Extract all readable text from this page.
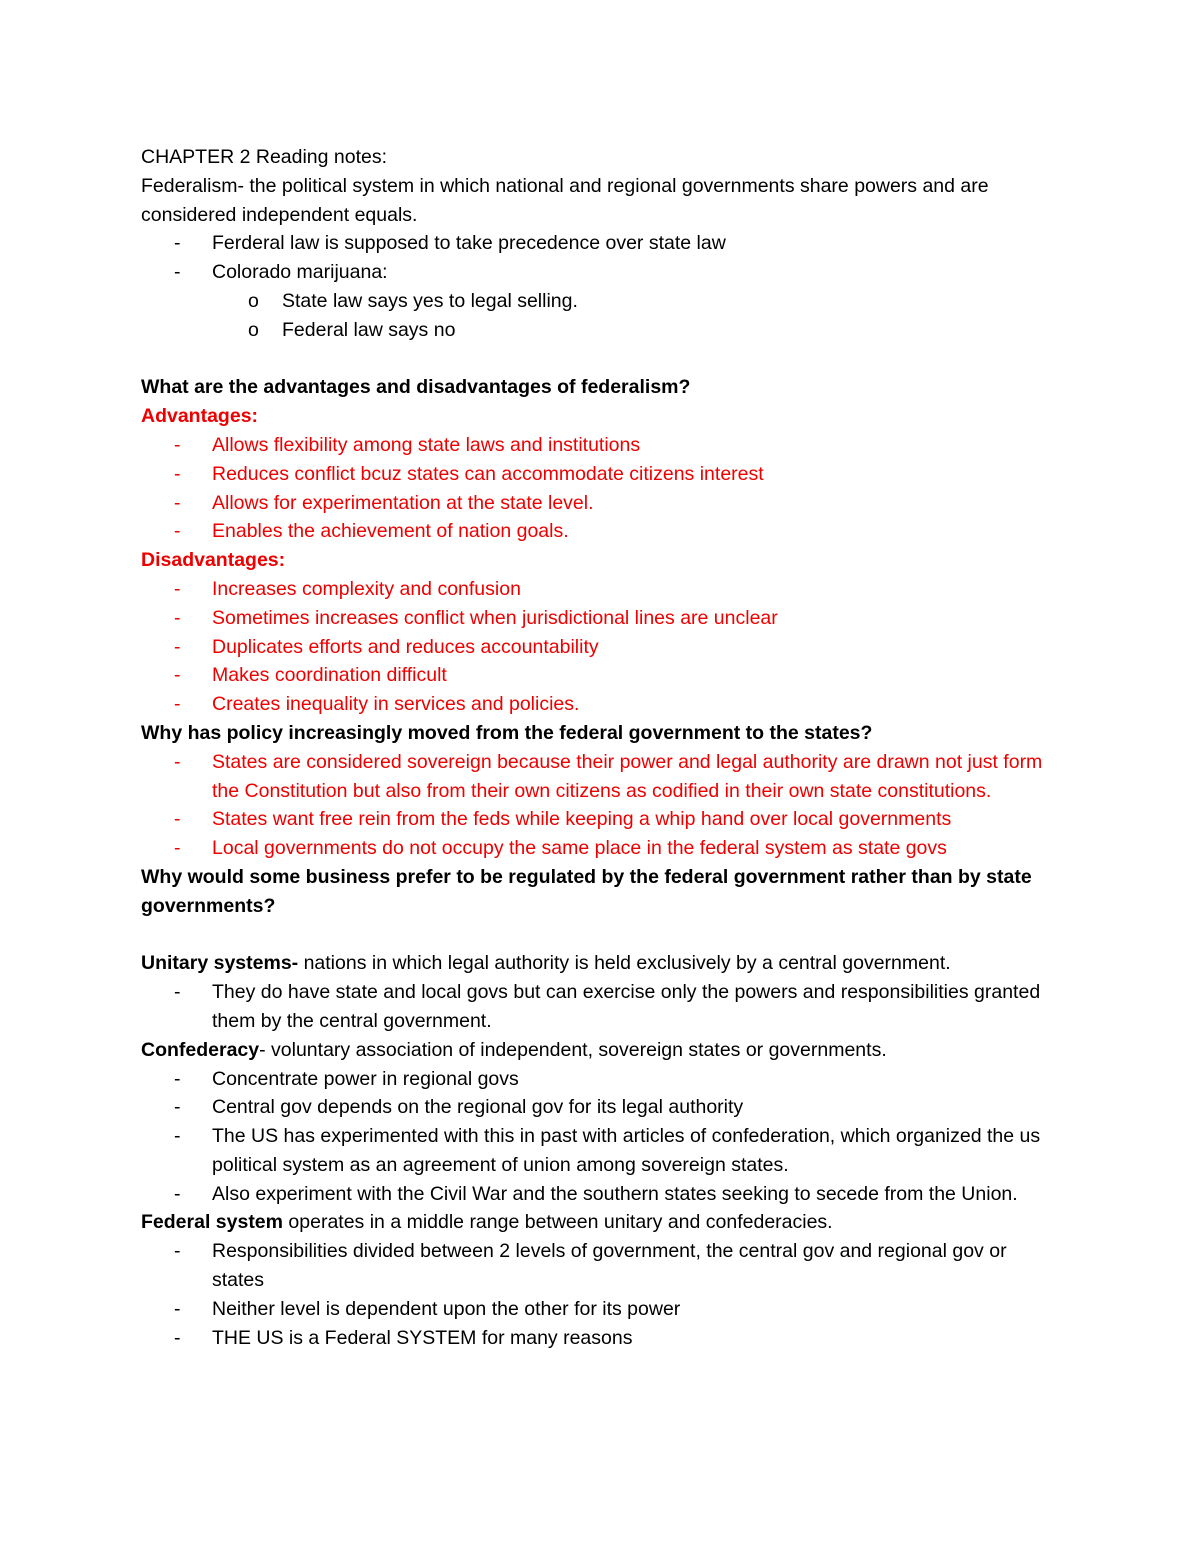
CHAPTER 2 Reading notes:

Federalism- the political system in which national and regional governments share powers and are considered independent equals.

- Ferderal law is supposed to take precedence over state law

- Colorado marijuana:

o State law says yes to legal selling.

o Federal law says no

What are the advantages and disadvantages of federalism?

Advantages:

- Allows flexibility among state laws and institutions

- Reduces conflict bcuz states can accommodate citizens interest

- Allows for experimentation at the state level.

- Enables the achievement of nation goals.

Disadvantages:

- Increases complexity and confusion

- Sometimes increases conflict when jurisdictional lines are unclear

- Duplicates efforts and reduces accountability

- Makes coordination difficult

- Creates inequality in services and policies.

Why has policy increasingly moved from the federal government to the states?

- States are considered sovereign because their power and legal authority are drawn not just form the Constitution but also from their own citizens as codified in their own state constitutions.

- States want free rein from the feds while keeping a whip hand over local governments

- Local governments do not occupy the same place in the federal system as state govs

Why would some business prefer to be regulated by the federal government rather than by state governments?

Unitary systems- nations in which legal authority is held exclusively by a central government.

- They do have state and local govs but can exercise only the powers and responsibilities granted them by the central government.

Confederacy- voluntary association of independent, sovereign states or governments.

- Concentrate power in regional govs

- Central gov depends on the regional gov for its legal authority

- The US has experimented with this in past with articles of confederation, which organized the us political system as an agreement of union among sovereign states.

- Also experiment with the Civil War and the southern states seeking to secede from the Union.

Federal system operates in a middle range between unitary and confederacies.

- Responsibilities divided between 2 levels of government, the central gov and regional gov or states

- Neither level is dependent upon the other for its power

- THE US is a Federal SYSTEM for many reasons
